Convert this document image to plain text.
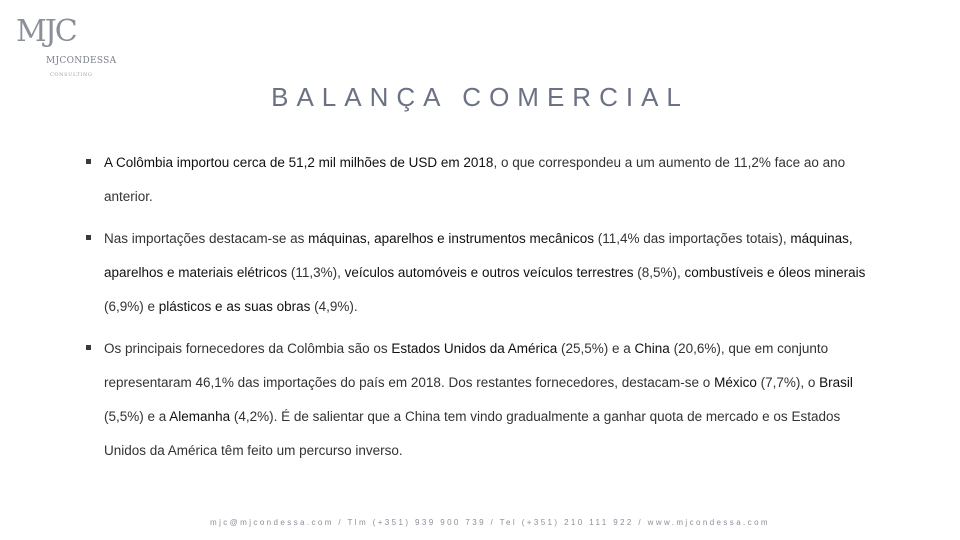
MJC
MJCONDESSA
CONSULTING
BALANÇA COMERCIAL
A Colômbia importou cerca de 51,2 mil milhões de USD em 2018, o que correspondeu a um aumento de 11,2% face ao ano anterior.
Nas importações destacam-se as máquinas, aparelhos e instrumentos mecânicos (11,4% das importações totais), máquinas, aparelhos e materiais elétricos (11,3%), veículos automóveis e outros veículos terrestres (8,5%), combustíveis e óleos minerais (6,9%) e plásticos e as suas obras (4,9%).
Os principais fornecedores da Colômbia são os Estados Unidos da América (25,5%) e a China (20,6%), que em conjunto representaram 46,1% das importações do país em 2018. Dos restantes fornecedores, destacam-se o México (7,7%), o Brasil (5,5%) e a Alemanha (4,2%). É de salientar que a China tem vindo gradualmente a ganhar quota de mercado e os Estados Unidos da América têm feito um percurso inverso.
mjc@mjcondessa.com / Tlm (+351) 939 900 739 / Tel (+351) 210 111 922 / www.mjcondessa.com
